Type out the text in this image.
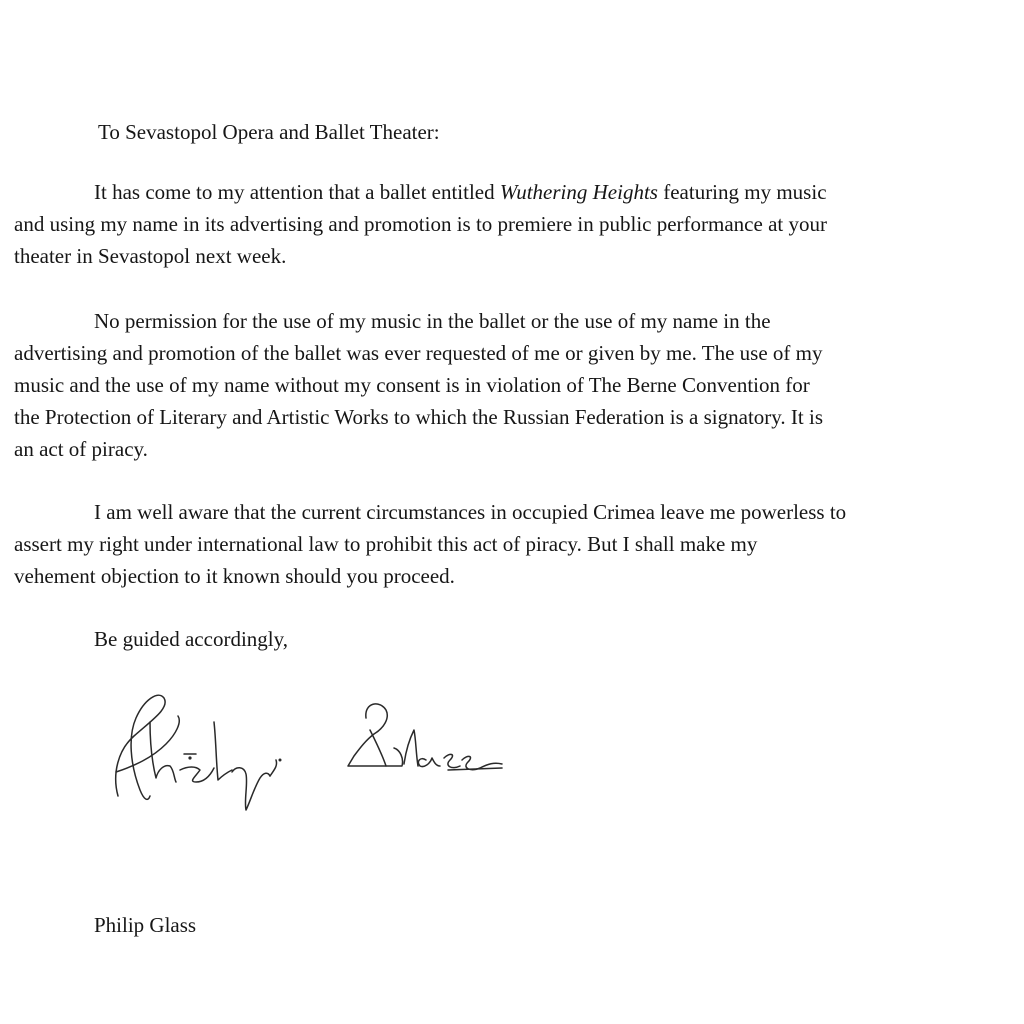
To Sevastopol Opera and Ballet Theater:
It has come to my attention that a ballet entitled Wuthering Heights featuring my music
and using my name in its advertising and promotion is to premiere in public performance at your
theater in Sevastopol next week.
No permission for the use of my music in the ballet or the use of my name in the
advertising and promotion of the ballet was ever requested of me or given by me. The use of my
music and the use of my name without my consent is in violation of The Berne Convention for
the Protection of Literary and Artistic Works to which the Russian Federation is a signatory. It is
an act of piracy.
I am well aware that the current circumstances in occupied Crimea leave me powerless to
assert my right under international law to prohibit this act of piracy. But I shall make my
vehement objection to it known should you proceed.
Be guided accordingly,
Philip Glass
